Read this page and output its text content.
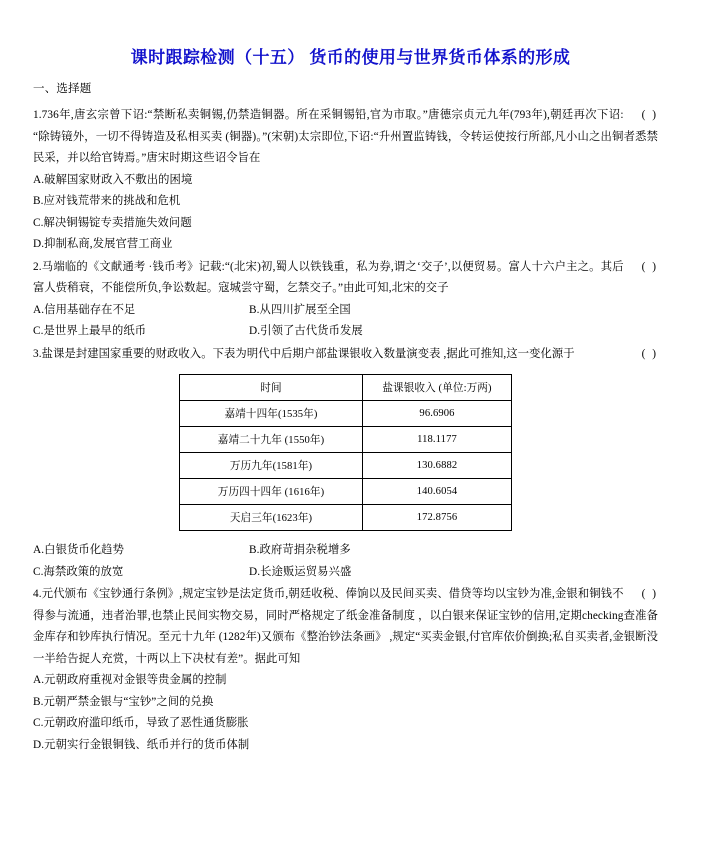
课时跟踪检测（十五） 货币的使用与世界货币体系的形成
一、选择题
( )
1.736年,唐玄宗曾下诏:“禁断私卖铜锡,仍禁造铜器。所在采铜锡铅,官为市取。”唐德宗贞元九年(793年),朝廷再次下诏:“除铸镜外，一切不得铸造及私相买卖 (铜器)。”(宋朝)太宗即位,下诏:“升州置监铸钱，令转运使按行所部,凡小山之出铜者悉禁民采，并以给官铸焉。”唐宋时期这些诏令旨在
A.破解国家财政入不敷出的困境
B.应对钱荒带来的挑战和危机
C.解决铜锡锭专卖措施失效问题
D.抑制私商,发展官营工商业
( )
2.马端临的《文献通考 ·钱币考》记载:“(北宋)初,蜀人以铁钱重，私为券,谓之‘交子’,以便贸易。富人十六户主之。其后富人赀稍衰，不能偿所负,争讼数起。寇城尝守蜀，乞禁交子。”由此可知,北宋的交子
A.信用基础存在不足	B.从四川扩展至全国
C.是世界上最早的纸币	D.引领了古代货币发展
( )
3.盐课是封建国家重要的财政收入。下表为明代中后期户部盐课银收入数量演变表 ,据此可推知,这一变化源于
时间	盐课银收入 (单位:万两)
嘉靖十四年(1535年)	96.6906
嘉靖二十九年 (1550年)	118.1177
万历九年(1581年)	130.6882
万历四十四年 (1616年)	140.6054
天启三年(1623年)	172.8756
A.白银货币化趋势	B.政府苛捐杂税增多
C.海禁政策的放宽	D.长途贩运贸易兴盛
( )
4.元代颁布《宝钞通行条例》,规定宝钞是法定货币,朝廷收税、俸饷以及民间买卖、借贷等均以宝钞为准,金银和铜钱不得参与流通，违者治罪,也禁止民间实物交易，同时严格规定了纸金准备制度 ，以白银来保证宝钞的信用,定期checking查准备金库存和钞库执行情况。至元十九年 (1282年)又颁布《整治钞法条画》 ,规定“买卖金银,付官库依价倒换;私自买卖者,金银断没一半给告捉人充赏，十两以上下决杖有差”。据此可知
A.元朝政府重视对金银等贵金属的控制
B.元朝严禁金银与“宝钞”之间的兑换
C.元朝政府滥印纸币，导致了恶性通货膨胀
D.元朝实行金银铜钱、纸币并行的货币体制
